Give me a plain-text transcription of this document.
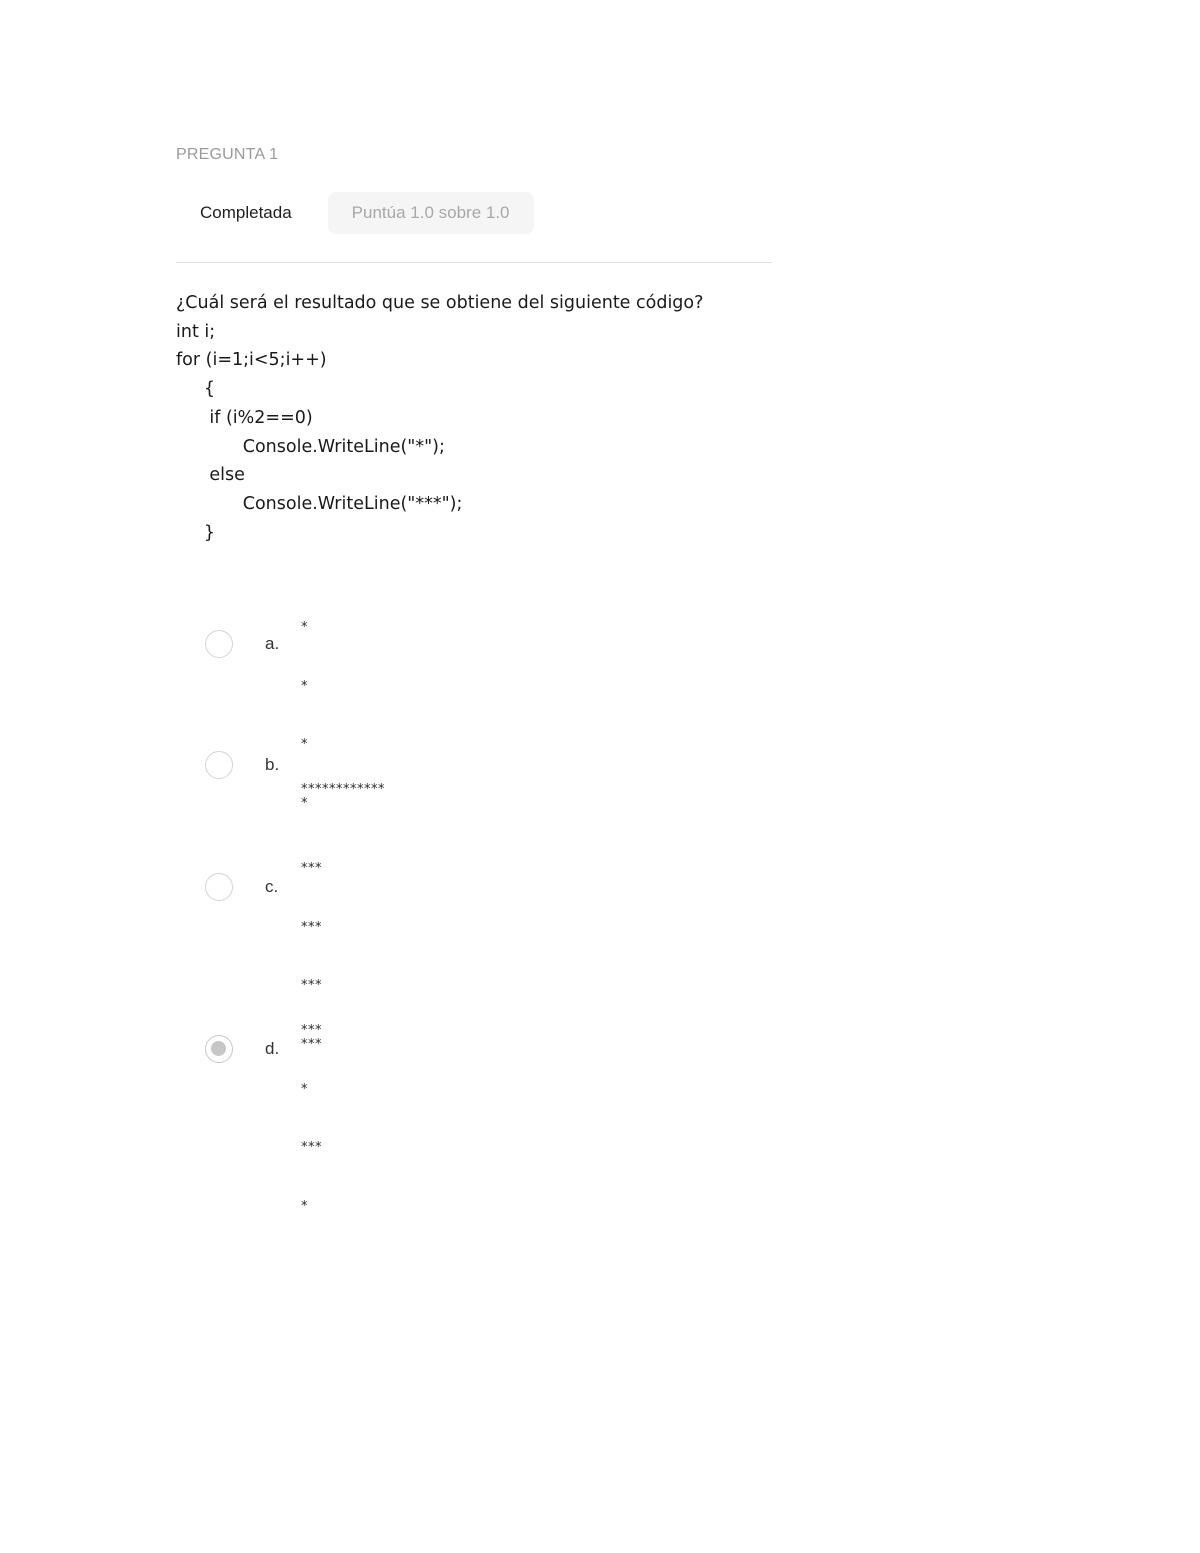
PREGUNTA 1
Completada	Puntúa 1.0 sobre 1.0
¿Cuál será el resultado que se obtiene del siguiente código?
int i;
for (i=1;i<5;i++)
{
if (i%2==0)
Console.WriteLine("*");
else
Console.WriteLine("***");
}
a.

*

*

*

*

b.

************

***

***

***

***

c.
d.

***

*

***

*
